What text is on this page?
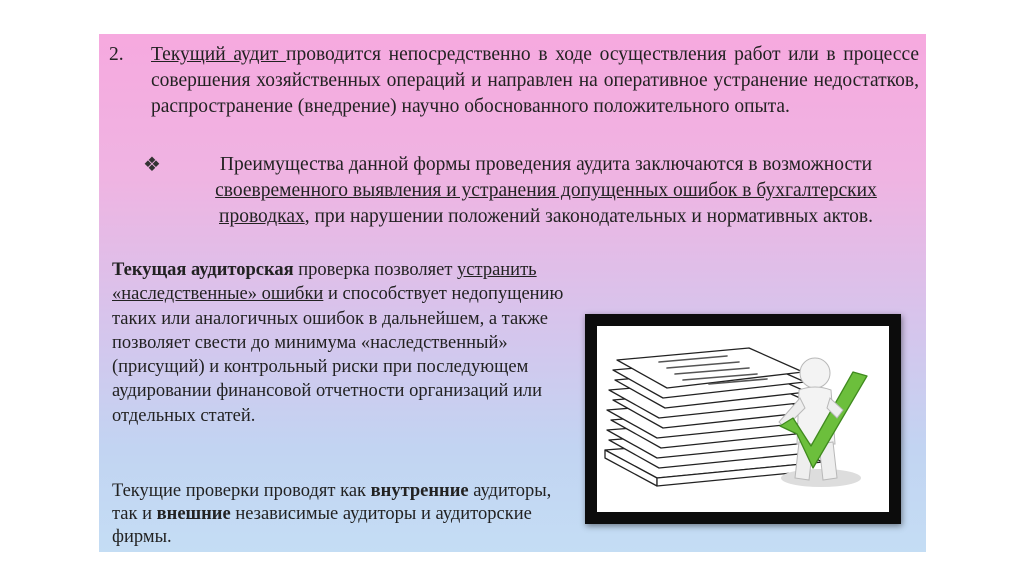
2. Текущий аудит проводится непосредственно в ходе осуществления работ или в процессе совершения хозяйственных операций и направлен на оперативное устранение недостатков, распространение (внедрение) научно обоснованного положительного опыта.

❖	Преимущества данной формы проведения аудита заключаются в возможности своевременного выявления и устранения допущенных ошибок в бухгалтерских проводках, при нарушении положений законодательных и нормативных актов.

Текущая аудиторская проверка позволяет устранить «наследственные» ошибки и способствует недопущению таких или аналогичных ошибок в дальнейшем, а также позволяет свести до минимума «наследственный» (присущий) и контрольный риски при последующем аудировании финансовой отчетности организаций или отдельных статей.

Текущие проверки проводят как внутренние аудиторы, так и внешние независимые аудиторы и аудиторские фирмы.
